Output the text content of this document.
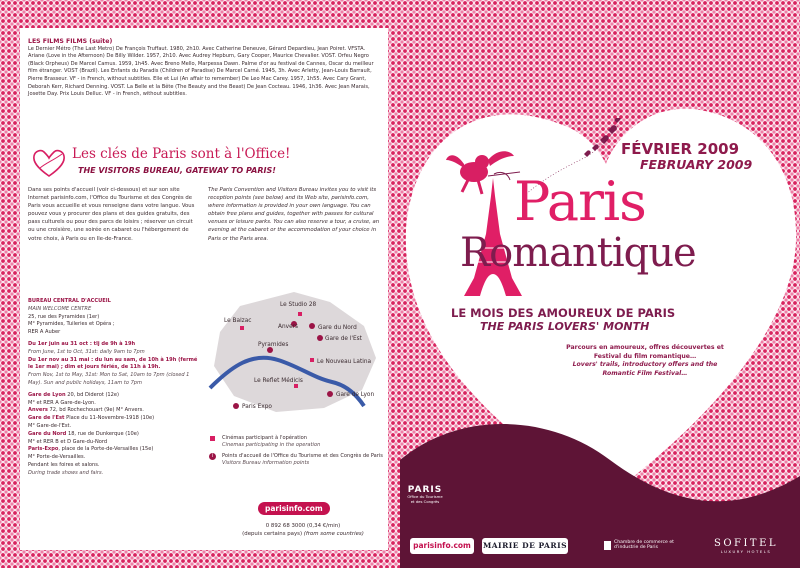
LES FILMS FILMS (suite)
Le Dernier Métro (The Last Metro) De François Truffaut. 1980, 2h10. Avec Catherine Deneuve, Gérard Depardieu, Jean Poiret. VFSTA. Ariane (Love in the Afternoon) De Billy Wilder. 1957, 2h10. Avec Audrey Hepburn, Gary Cooper, Maurice Chevalier. VOST. Orfeu Negro (Black Orpheus) De Marcel Camus. 1959, 1h45. Avec Breno Mello, Marpessa Dawn. Palme d'or au festival de Cannes, Oscar du meilleur film étranger. VOST (Brazil). Les Enfants du Paradis (Children of Paradise) De Marcel Carné. 1945, 3h. Avec Arletty, Jean-Louis Barrault, Pierre Brasseur. VF - in French, without subtitles. Elle et Lui (An affair to remember) De Leo Mac Carey. 1957, 1h55. Avec Cary Grant, Deborah Kerr, Richard Denning. VOST. La Belle et la Bête (The Beauty and the Beast) De Jean Cocteau. 1946, 1h36. Avec Jean Marais, Josette Day. Prix Louis Delluc. VF - in French, without subtitles.
Les clés de Paris sont à l'Office!
THE VISITORS BUREAU, GATEWAY TO PARIS!
Dans ses points d'accueil (voir ci-dessous) et sur son site Internet parisinfo.com, l'Office du Tourisme et des Congrès de Paris vous accueille et vous renseigne dans votre langue. Vous pouvez vous y procurer des plans et des guides gratuits, des pass culturels ou pour des parcs de loisirs ; réserver un circuit ou une croisière, une soirée en cabaret ou l'hébergement de votre choix, à Paris ou en Ile-de-France.
The Paris Convention and Visitors Bureau invites you to visit its reception points (see below) and its Web site, parisinfo.com, where information is provided in your own language. You can obtain free plans and guides, together with passes for cultural venues or leisure parks. You can also reserve a tour, a cruise, an evening at the cabaret or the accommodation of your choice in Paris or the Paris area.
BUREAU CENTRAL D'ACCUEIL
MAIN WELCOME CENTRE
25, rue des Pyramides (1er)
M° Pyramides, Tuileries et Opéra ;
RER A Auber
Du 1er juin au 31 oct : tlj de 9h à 19h
From June, 1st to Oct, 31st: daily 9am to 7pm
Du 1er nov au 31 mai : du lun au sam, de 10h à 19h (fermé le 1er mai) ; dim et jours fériés, de 11h à 19h.
From Nov, 1st to May, 31st: Mon to Sat, 10am to 7pm (closed 1 May). Sun and public holidays, 11am to 7pm
Gare de Lyon 20, bd Diderot (12e)
M° et RER A Gare-de-Lyon.
Anvers 72, bd Rochechouart (9e) M° Anvers.
Gare de l'Est Place du 11-Novembre-1918 (10e)
M° Gare-de-l'Est.
Gare du Nord 18, rue de Dunkerque (10e)
M° et RER B et D Gare-du-Nord
Paris-Expo, place de la Porte-de-Versailles (15e)
M° Porte-de-Versailles.
Pendant les foires et salons.
During trade shows and fairs.
Le Studio 28
Anvers
Le Balzac
Gare du Nord
Gare de l'Est
Pyramides
Le Nouveau Latina
Le Reflet Médicis
Gare de Lyon
Paris Expo
Cinémas participant à l'opération
Cinemas participating in the operation
i	Points d'accueil de l'Office du Tourisme et des Congrès de Paris
Visitors Bureau information points
parisinfo.com
0 892 68 3000 (0,34 €/min)
(depuis certains pays) (from some countries)
FÉVRIER 2009
FEBRUARY 2009
Paris
Romantique
LE MOIS DES AMOUREUX DE PARIS
THE PARIS LOVERS' MONTH
Parcours en amoureux, offres découvertes et Festival du film romantique…
Lovers' trails, introductory offers and the Romantic Film Festival…
PARIS
Office du Tourisme et des Congrès
parisinfo.com	MAIRIE DE PARIS	Chambre de commerce et d'industrie de Paris	SOFITEL
LUXURY HOTELS
